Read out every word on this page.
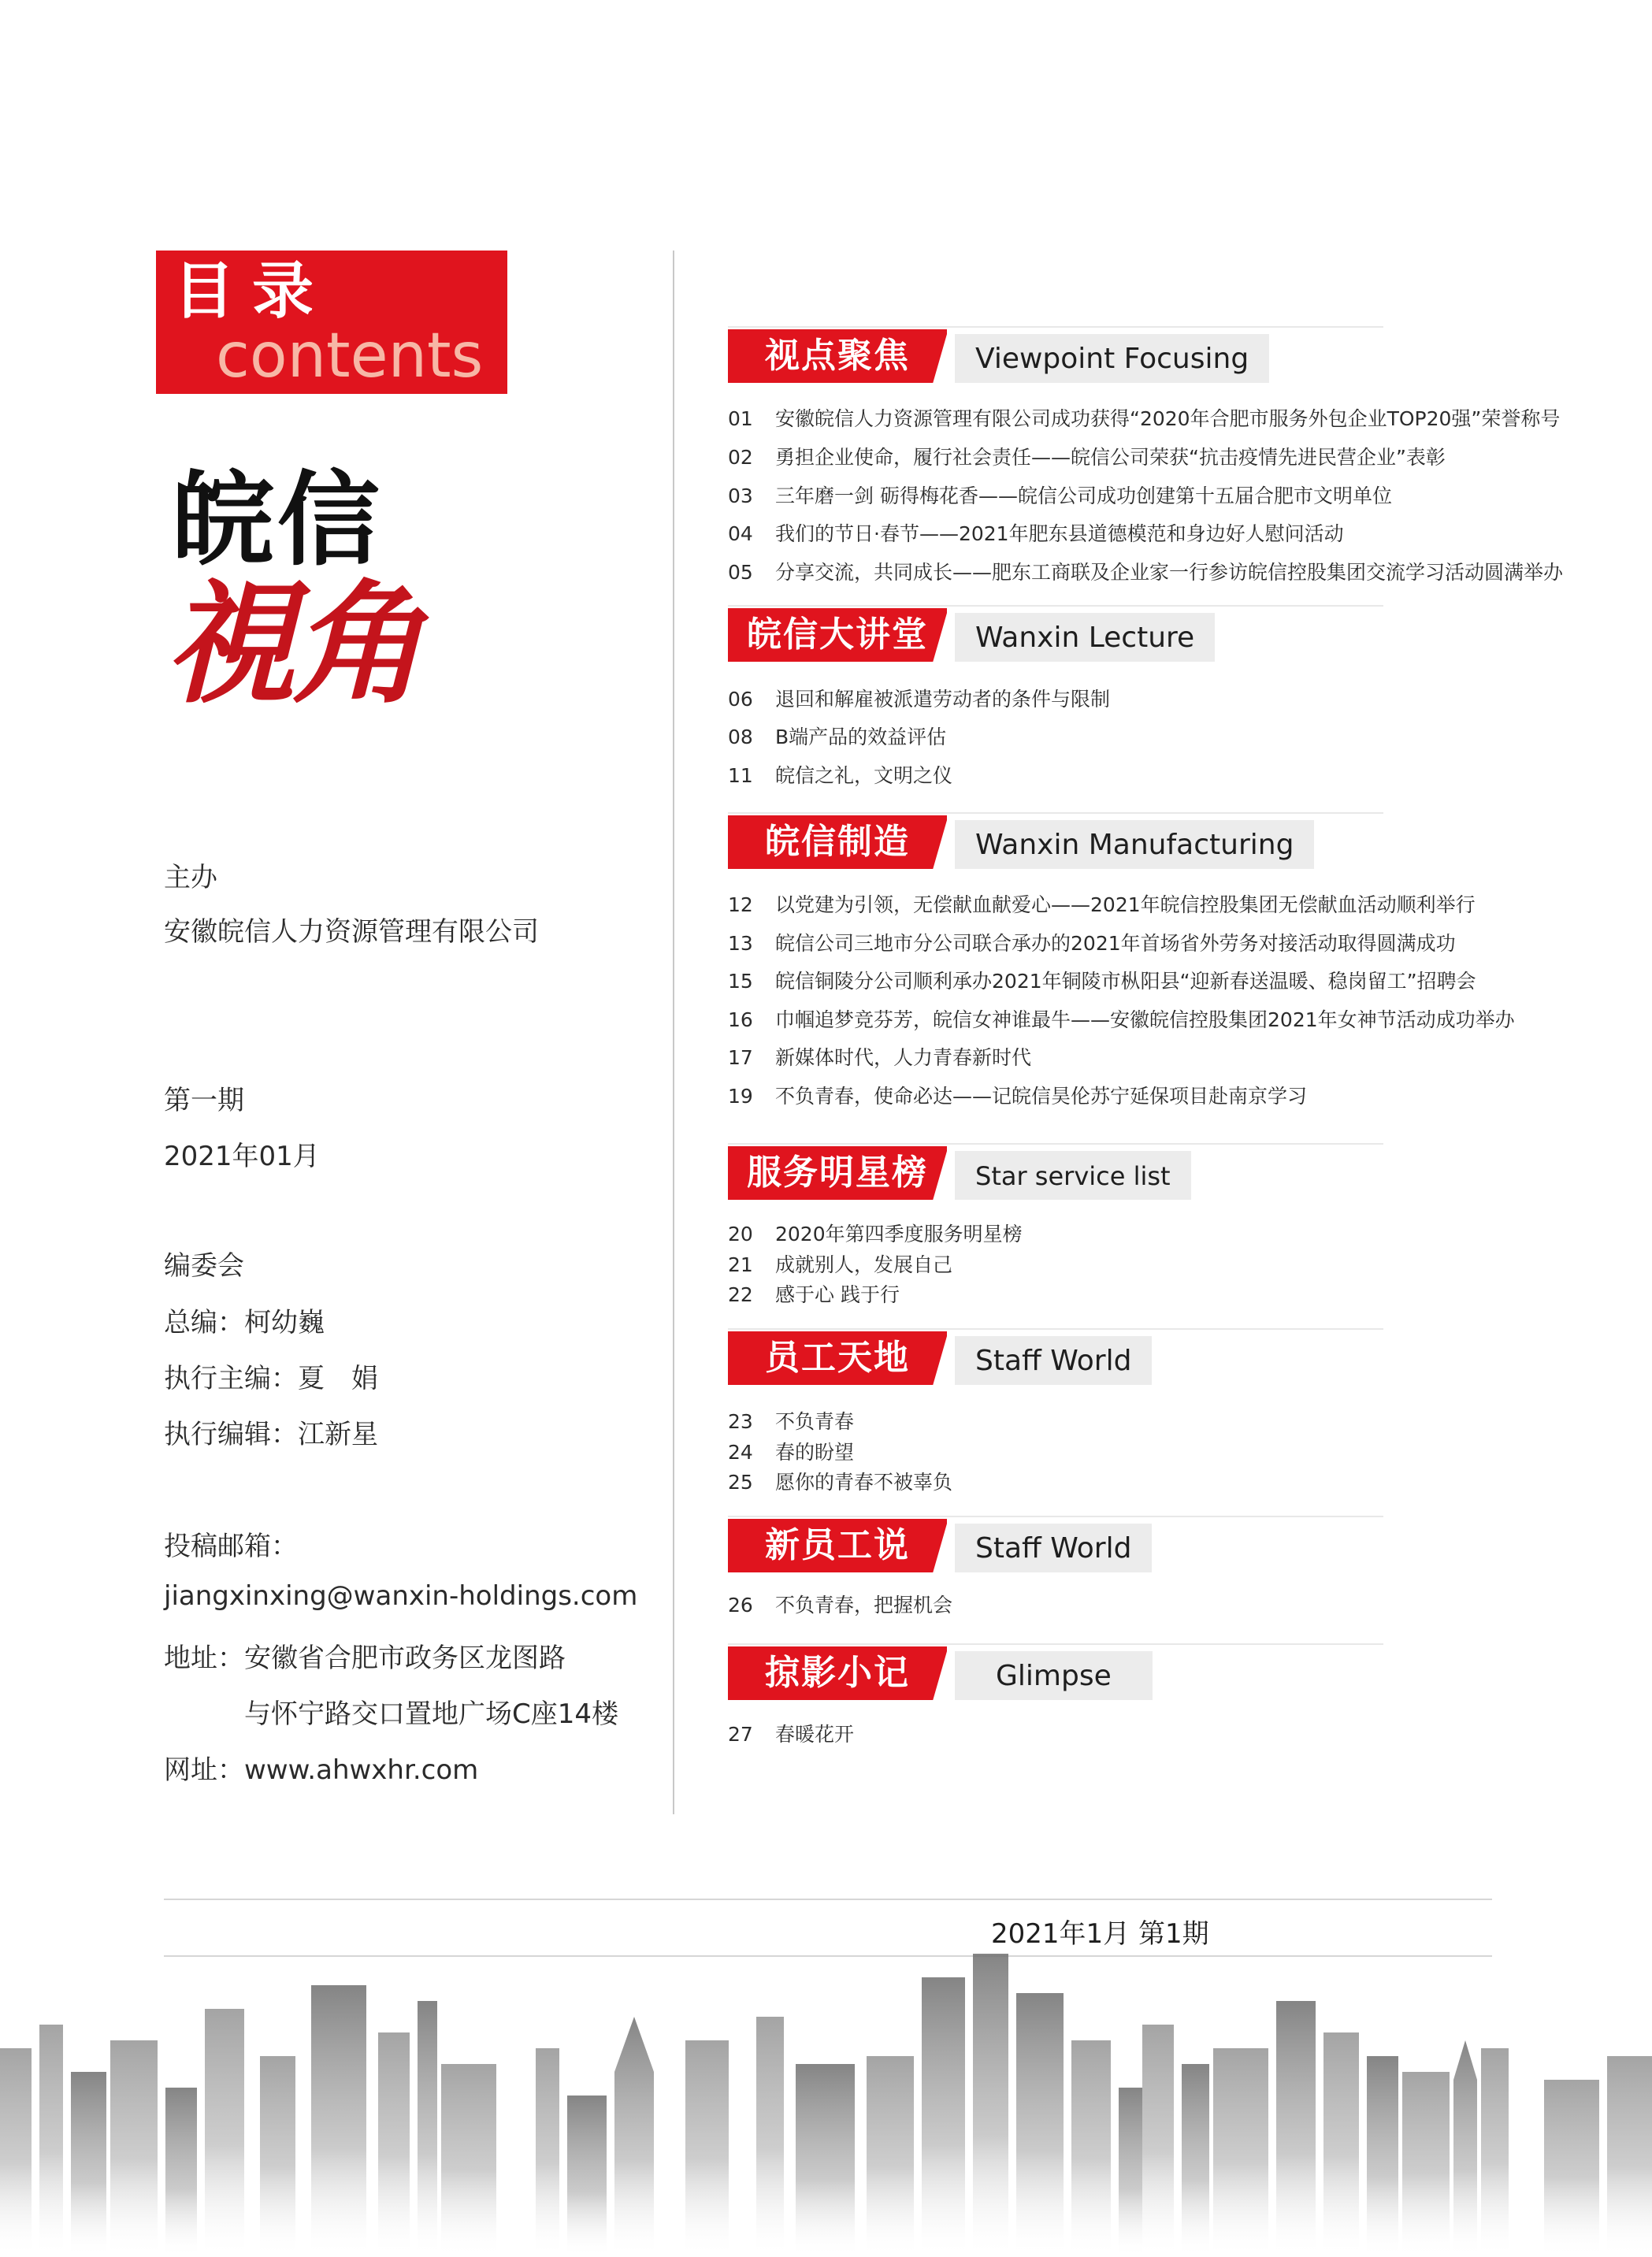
目录
contents
皖信
視角
主办
安徽皖信人力资源管理有限公司
第一期
2021年01月
编委会
总编：柯幼巍
执行主编：夏　娟
执行编辑：江新星
投稿邮箱：
jiangxinxing@wanxin-holdings.com
地址：安徽省合肥市政务区龙图路
与怀宁路交口置地广场C座14楼
网址：www.ahwxhr.com
视点聚焦	Viewpoint Focusing
01 安徽皖信人力资源管理有限公司成功获得“2020年合肥市服务外包企业TOP20强”荣誉称号
02 勇担企业使命，履行社会责任——皖信公司荣获“抗击疫情先进民营企业”表彰
03 三年磨一剑 砺得梅花香——皖信公司成功创建第十五届合肥市文明单位
04 我们的节日·春节——2021年肥东县道德模范和身边好人慰问活动
05 分享交流，共同成长——肥东工商联及企业家一行参访皖信控股集团交流学习活动圆满举办
皖信大讲堂	Wanxin Lecture
06 退回和解雇被派遣劳动者的条件与限制
08 B端产品的效益评估
11 皖信之礼，文明之仪
皖信制造	Wanxin Manufacturing
12 以党建为引领，无偿献血献爱心——2021年皖信控股集团无偿献血活动顺利举行
13 皖信公司三地市分公司联合承办的2021年首场省外劳务对接活动取得圆满成功
15 皖信铜陵分公司顺利承办2021年铜陵市枞阳县“迎新春送温暖、稳岗留工”招聘会
16 巾帼追梦竞芬芳，皖信女神谁最牛——安徽皖信控股集团2021年女神节活动成功举办
17 新媒体时代，人力青春新时代
19 不负青春，使命必达——记皖信昊伦苏宁延保项目赴南京学习
服务明星榜	Star service list
20 2020年第四季度服务明星榜
21 成就别人，发展自己
22 感于心 践于行
员工天地	Staff World
23 不负青春
24 春的盼望
25 愿你的青春不被辜负
新员工说	Staff World
26 不负青春，把握机会
掠影小记	Glimpse
27 春暖花开
2021年1月 第1期
